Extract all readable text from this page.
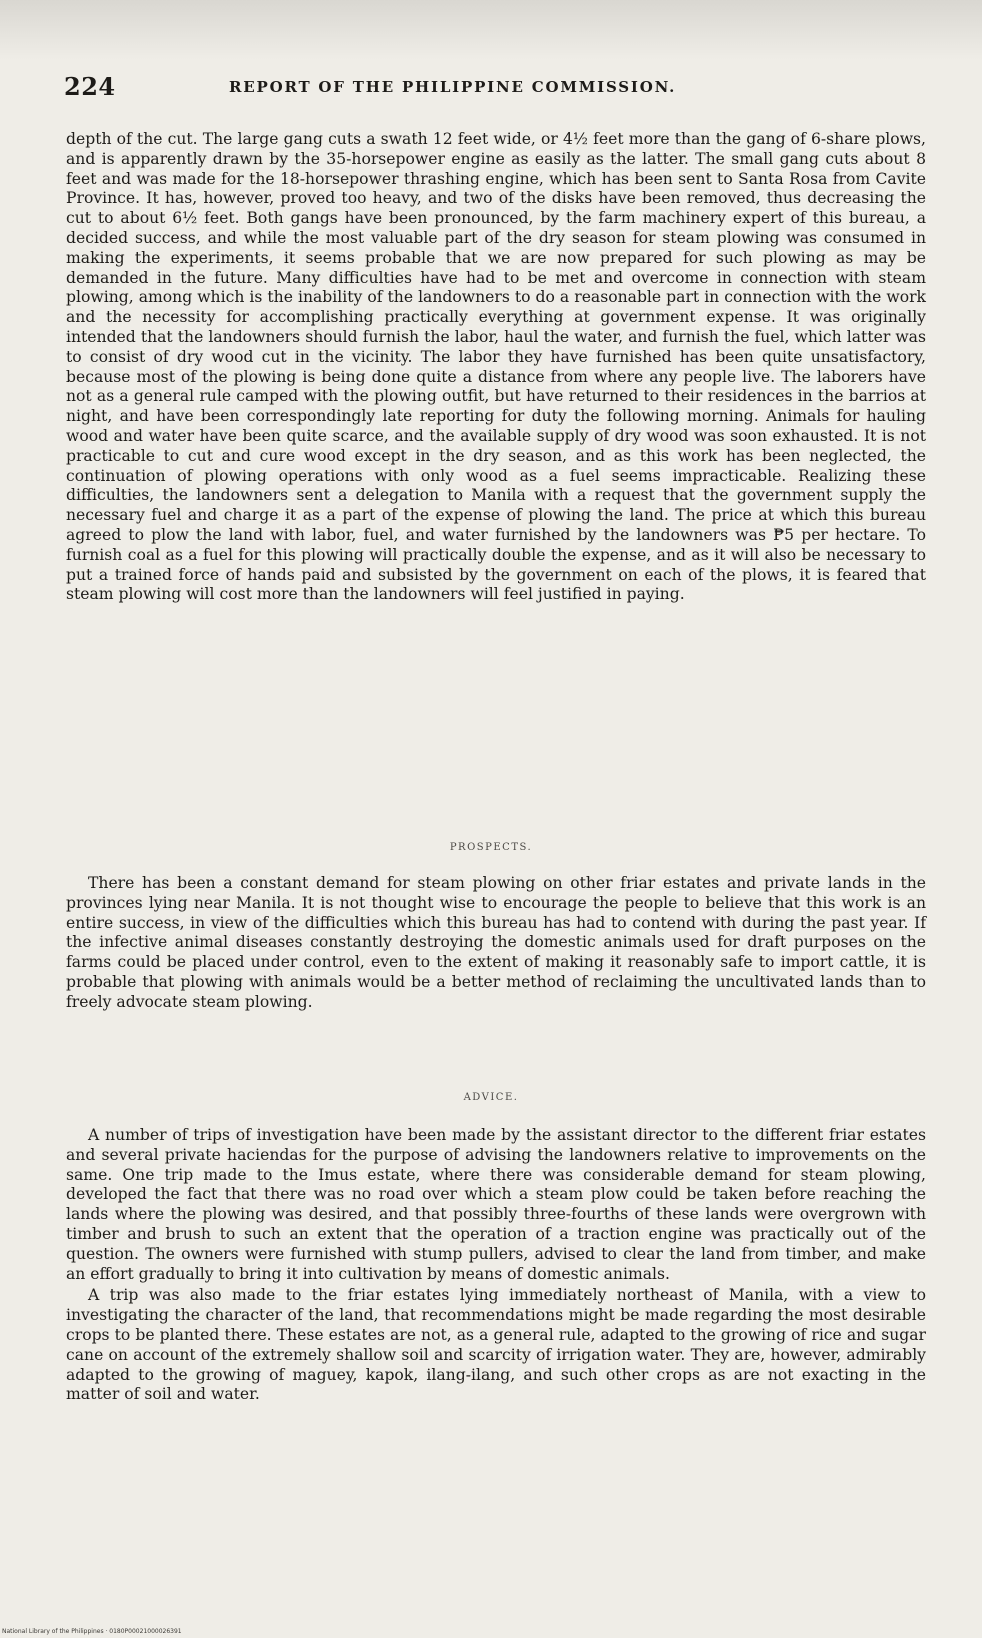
224	REPORT OF THE PHILIPPINE COMMISSION.

depth of the cut. The large gang cuts a swath 12 feet wide, or 4½ feet more than the gang of 6-share plows, and is apparently drawn by the 35-horsepower engine as easily as the latter. The small gang cuts about 8 feet and was made for the 18-horsepower thrashing engine, which has been sent to Santa Rosa from Cavite Province. It has, however, proved too heavy, and two of the disks have been removed, thus decreasing the cut to about 6½ feet. Both gangs have been pronounced, by the farm machinery expert of this bureau, a decided success, and while the most valuable part of the dry season for steam plowing was consumed in making the experiments, it seems probable that we are now prepared for such plowing as may be demanded in the future. Many difficulties have had to be met and overcome in connection with steam plowing, among which is the inability of the landowners to do a reasonable part in connection with the work and the necessity for accomplishing practically everything at government expense. It was originally intended that the landowners should furnish the labor, haul the water, and furnish the fuel, which latter was to consist of dry wood cut in the vicinity. The labor they have furnished has been quite unsatisfactory, because most of the plowing is being done quite a distance from where any people live. The laborers have not as a general rule camped with the plowing outfit, but have returned to their residences in the barrios at night, and have been correspondingly late reporting for duty the following morning. Animals for hauling wood and water have been quite scarce, and the available supply of dry wood was soon exhausted. It is not practicable to cut and cure wood except in the dry season, and as this work has been neglected, the continuation of plowing operations with only wood as a fuel seems impracticable. Realizing these difficulties, the landowners sent a delegation to Manila with a request that the government supply the necessary fuel and charge it as a part of the expense of plowing the land. The price at which this bureau agreed to plow the land with labor, fuel, and water furnished by the landowners was ₱5 per hectare. To furnish coal as a fuel for this plowing will practically double the expense, and as it will also be necessary to put a trained force of hands paid and subsisted by the government on each of the plows, it is feared that steam plowing will cost more than the landowners will feel justified in paying.

PROSPECTS.

There has been a constant demand for steam plowing on other friar estates and private lands in the provinces lying near Manila. It is not thought wise to encourage the people to believe that this work is an entire success, in view of the difficulties which this bureau has had to contend with during the past year. If the infective animal diseases constantly destroying the domestic animals used for draft purposes on the farms could be placed under control, even to the extent of making it reasonably safe to import cattle, it is probable that plowing with animals would be a better method of reclaiming the uncultivated lands than to freely advocate steam plowing.

ADVICE.

A number of trips of investigation have been made by the assistant director to the different friar estates and several private haciendas for the purpose of advising the landowners relative to improvements on the same. One trip made to the Imus estate, where there was considerable demand for steam plowing, developed the fact that there was no road over which a steam plow could be taken before reaching the lands where the plowing was desired, and that possibly three-fourths of these lands were overgrown with timber and brush to such an extent that the operation of a traction engine was practically out of the question. The owners were furnished with stump pullers, advised to clear the land from timber, and make an effort gradually to bring it into cultivation by means of domestic animals.

A trip was also made to the friar estates lying immediately northeast of Manila, with a view to investigating the character of the land, that recommendations might be made regarding the most desirable crops to be planted there. These estates are not, as a general rule, adapted to the growing of rice and sugar cane on account of the extremely shallow soil and scarcity of irrigation water. They are, however, admirably adapted to the growing of maguey, kapok, ilang-ilang, and such other crops as are not exacting in the matter of soil and water.

National Library of the Philippines · 0180P00021000026391
